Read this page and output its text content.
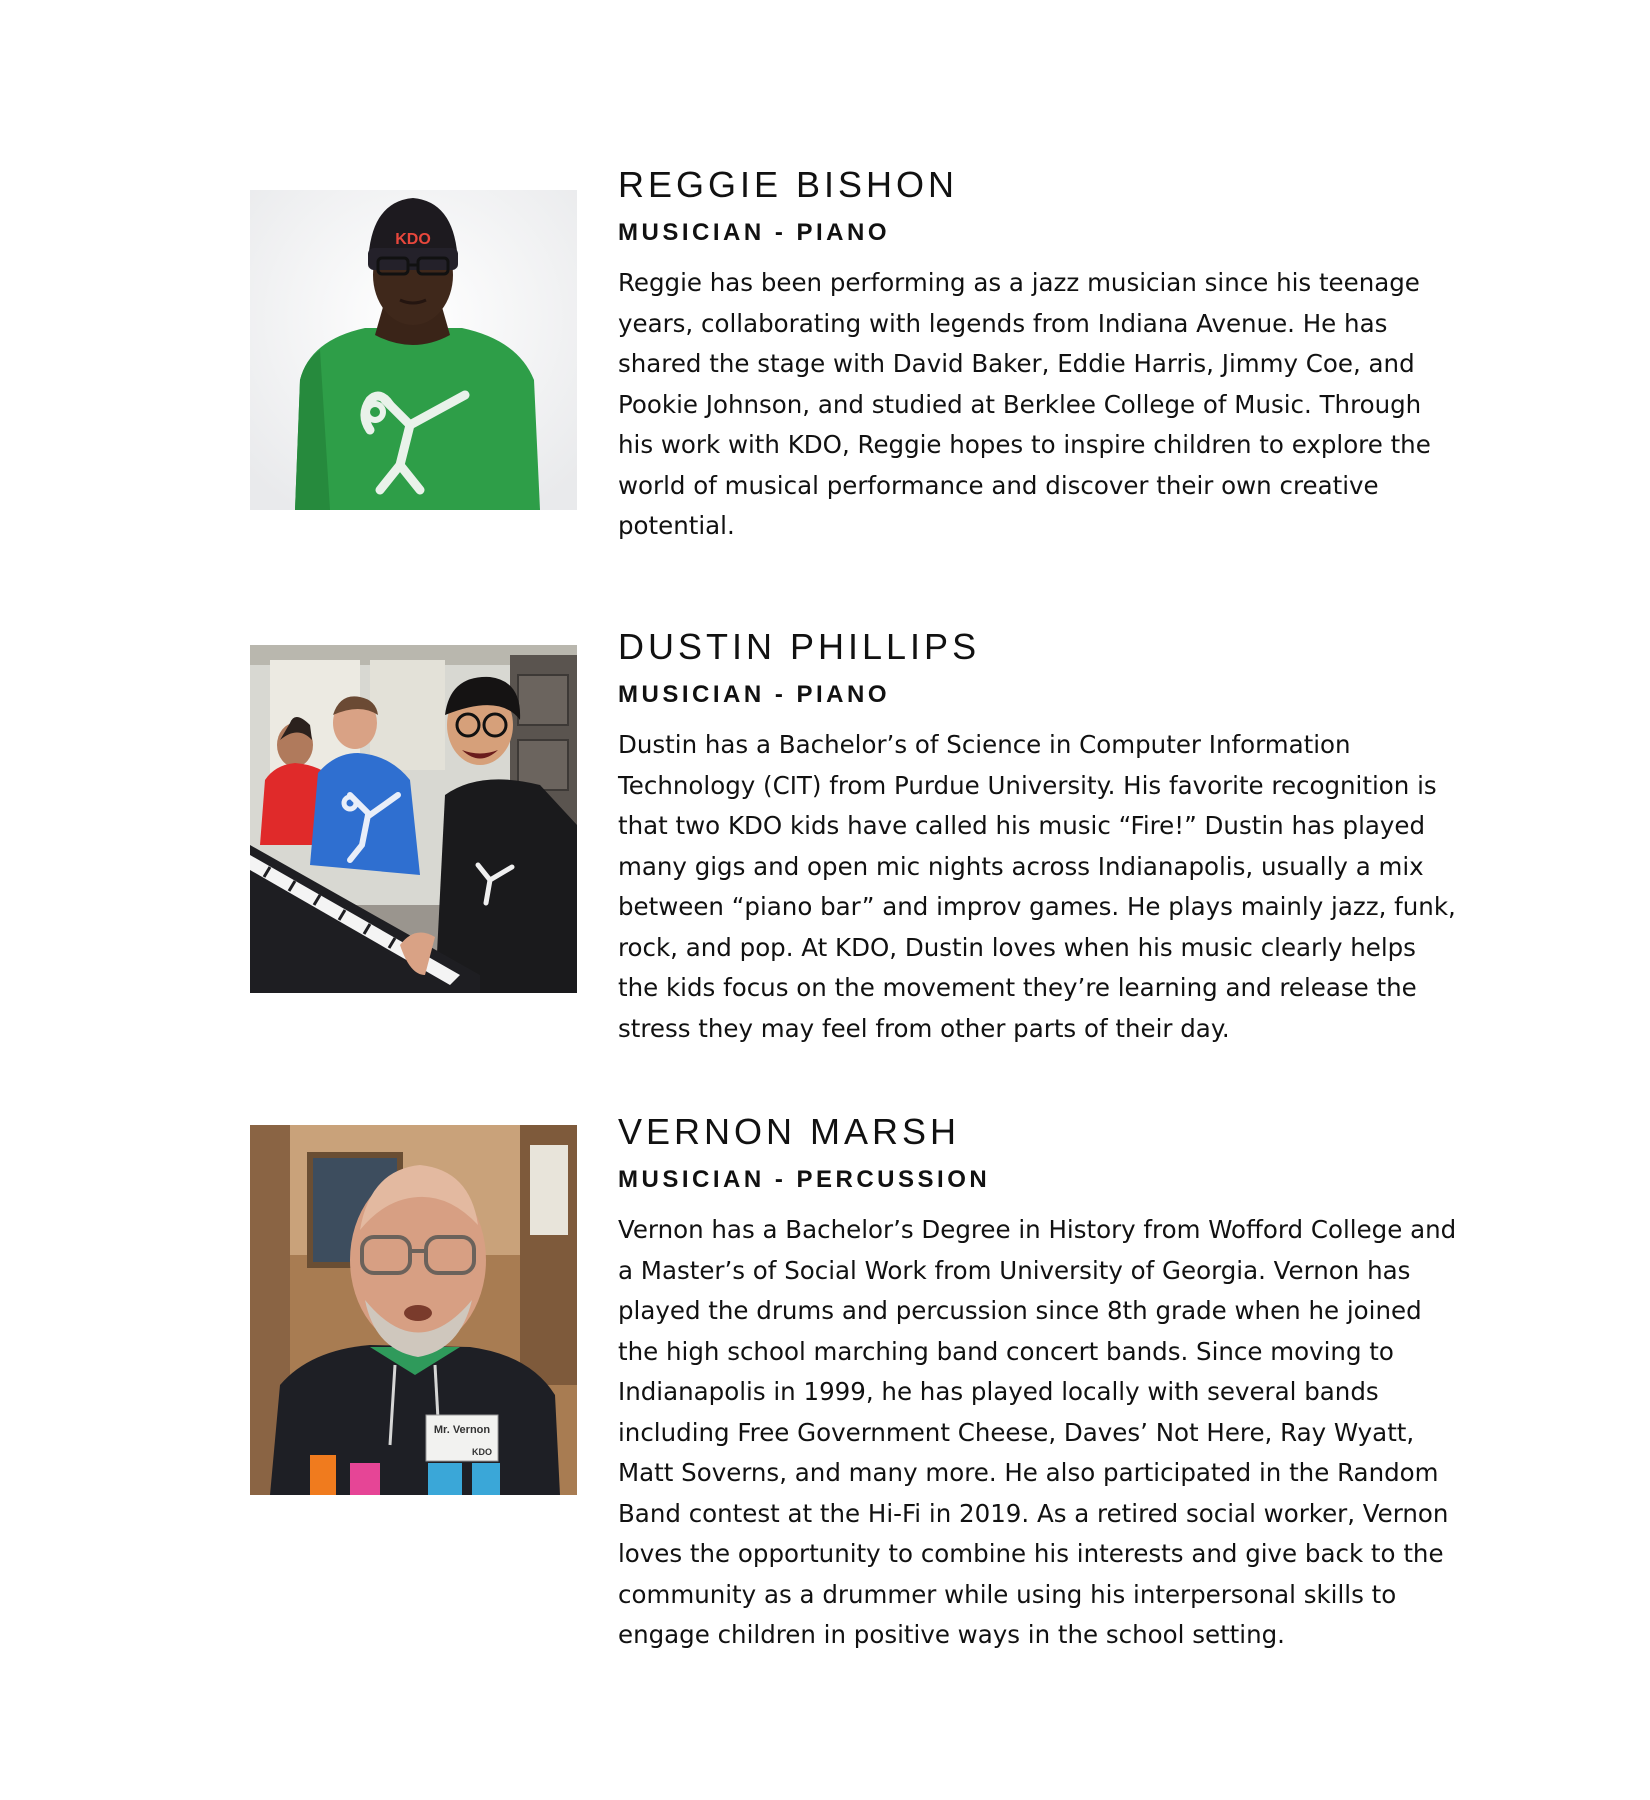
KDO
REGGIE BISHON
MUSICIAN - PIANO

Reggie has been performing as a jazz musician since his teenage years, collaborating with legends from Indiana Avenue. He has shared the stage with David Baker, Eddie Harris, Jimmy Coe, and Pookie Johnson, and studied at Berklee College of Music. Through his work with KDO, Reggie hopes to inspire children to explore the world of musical performance and discover their own creative potential.

DUSTIN PHILLIPS
MUSICIAN - PIANO

Dustin has a Bachelor’s of Science in Computer Information Technology (CIT) from Purdue University. His favorite recognition is that two KDO kids have called his music “Fire!” Dustin has played many gigs and open mic nights across Indianapolis, usually a mix between “piano bar” and improv games. He plays mainly jazz, funk, rock, and pop. At KDO, Dustin loves when his music clearly helps the kids focus on the movement they’re learning and release the stress they may feel from other parts of their day.

Mr. Vernon
KDO
VERNON MARSH
MUSICIAN - PERCUSSION

Vernon has a Bachelor’s Degree in History from Wofford College and a Master’s of Social Work from University of Georgia. Vernon has played the drums and percussion since 8th grade when he joined the high school marching band concert bands. Since moving to Indianapolis in 1999, he has played locally with several bands including Free Government Cheese, Daves’ Not Here, Ray Wyatt, Matt Soverns, and many more. He also participated in the Random Band contest at the Hi-Fi in 2019. As a retired social worker, Vernon loves the opportunity to combine his interests and give back to the community as a drummer while using his interpersonal skills to engage children in positive ways in the school setting.
